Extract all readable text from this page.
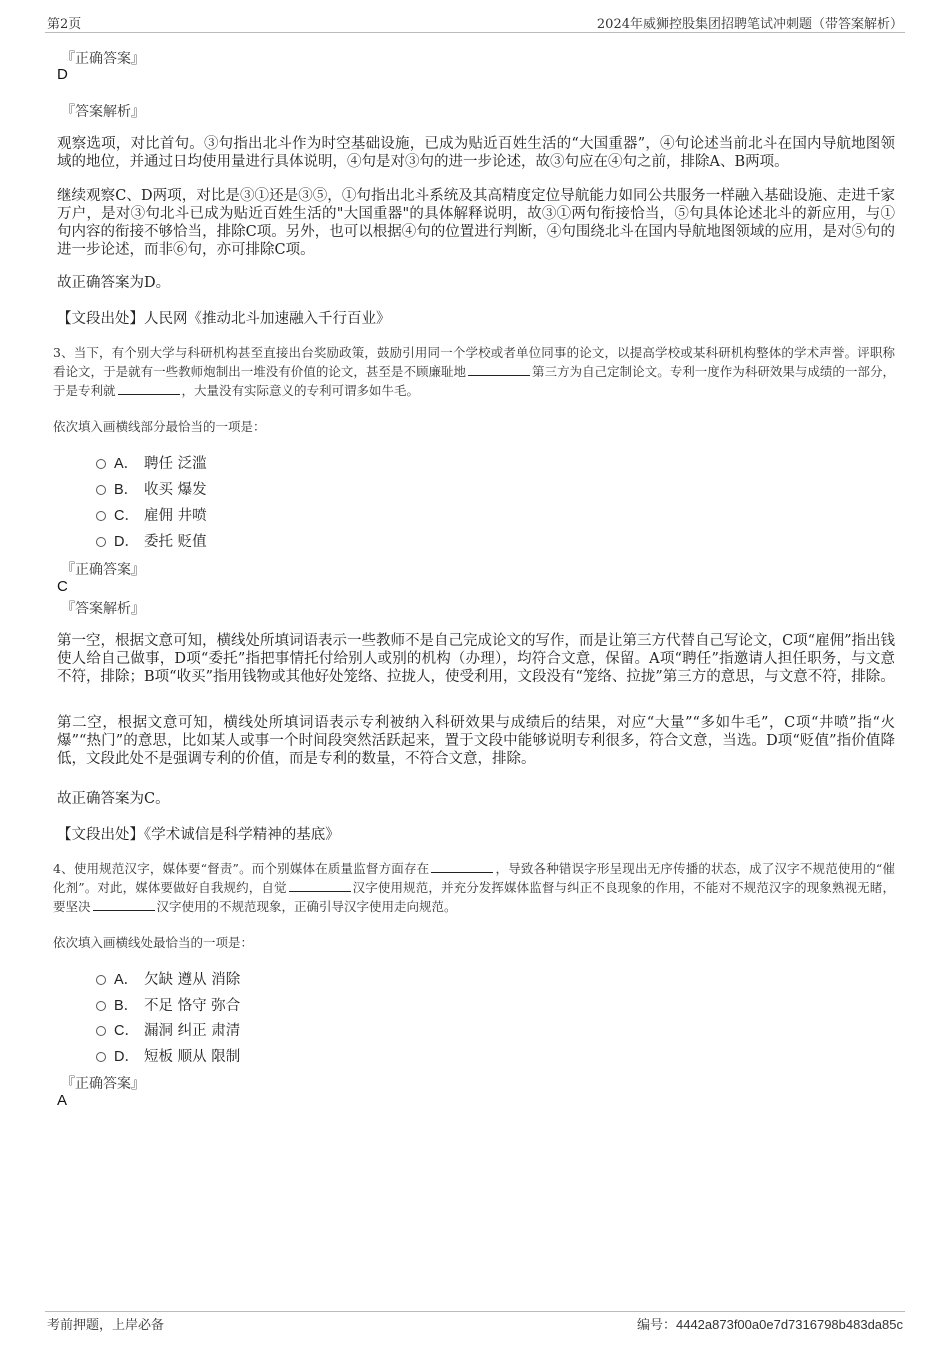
第2页	2024年威狮控股集团招聘笔试冲刺题（带答案解析）
『正确答案』
D
『答案解析』
观察选项，对比首句。③句指出北斗作为时空基础设施，已成为贴近百姓生活的“大国重器”，④句论述当前北斗在国内导航地图领域的地位，并通过日均使用量进行具体说明，④句是对③句的进一步论述，故③句应在④句之前，排除A、B两项。
继续观察C、D两项，对比是③①还是③⑤，①句指出北斗系统及其高精度定位导航能力如同公共服务一样融入基础设施、走进千家万户，是对③句北斗已成为贴近百姓生活的"大国重器"的具体解释说明，故③①两句衔接恰当，⑤句具体论述北斗的新应用，与①句内容的衔接不够恰当，排除C项。另外，也可以根据④句的位置进行判断，④句围绕北斗在国内导航地图领域的应用，是对⑤句的进一步论述，而非⑥句，亦可排除C项。
故正确答案为D。
【文段出处】人民网《推动北斗加速融入千行百业》
3、当下，有个别大学与科研机构甚至直接出台奖励政策，鼓励引用同一个学校或者单位同事的论文，以提高学校或某科研机构整体的学术声誉。评职称看论文，于是就有一些教师炮制出一堆没有价值的论文，甚至是不顾廉耻地	第三方为自己定制论文。专利一度作为科研效果与成绩的一部分，于是专利就	，大量没有实际意义的专利可谓多如牛毛。
依次填入画横线部分最恰当的一项是：
A． 聘任 泛滥
B． 收买 爆发
C． 雇佣 井喷
D． 委托 贬值
『正确答案』
C
『答案解析』
第一空，根据文意可知，横线处所填词语表示一些教师不是自己完成论文的写作，而是让第三方代替自己写论文，C项“雇佣”指出钱使人给自己做事，D项“委托”指把事情托付给别人或别的机构（办理），均符合文意，保留。A项“聘任”指邀请人担任职务，与文意不符，排除；B项“收买”指用钱物或其他好处笼络、拉拢人，使受利用，文段没有“笼络、拉拢”第三方的意思，与文意不符，排除。
第二空，根据文意可知，横线处所填词语表示专利被纳入科研效果与成绩后的结果，对应“大量”“多如牛毛”，C项“井喷”指“火爆”“热门”的意思，比如某人或事一个时间段突然活跃起来，置于文段中能够说明专利很多，符合文意，当选。D项“贬值”指价值降低，文段此处不是强调专利的价值，而是专利的数量，不符合文意，排除。
故正确答案为C。
【文段出处】《学术诚信是科学精神的基底》
4、使用规范汉字，媒体要“督责”。而个别媒体在质量监督方面存在	，导致各种错误字形呈现出无序传播的状态，成了汉字不规范使用的“催化剂”。对此，媒体要做好自我规约，自觉	汉字使用规范，并充分发挥媒体监督与纠正不良现象的作用，不能对不规范汉字的现象熟视无睹，要坚决	汉字使用的不规范现象，正确引导汉字使用走向规范。
依次填入画横线处最恰当的一项是：
A． 欠缺 遵从 消除
B． 不足 恪守 弥合
C． 漏洞 纠正 肃清
D． 短板 顺从 限制
『正确答案』
A
考前押题，上岸必备	编号：4442a873f00a0e7d7316798b483da85c
